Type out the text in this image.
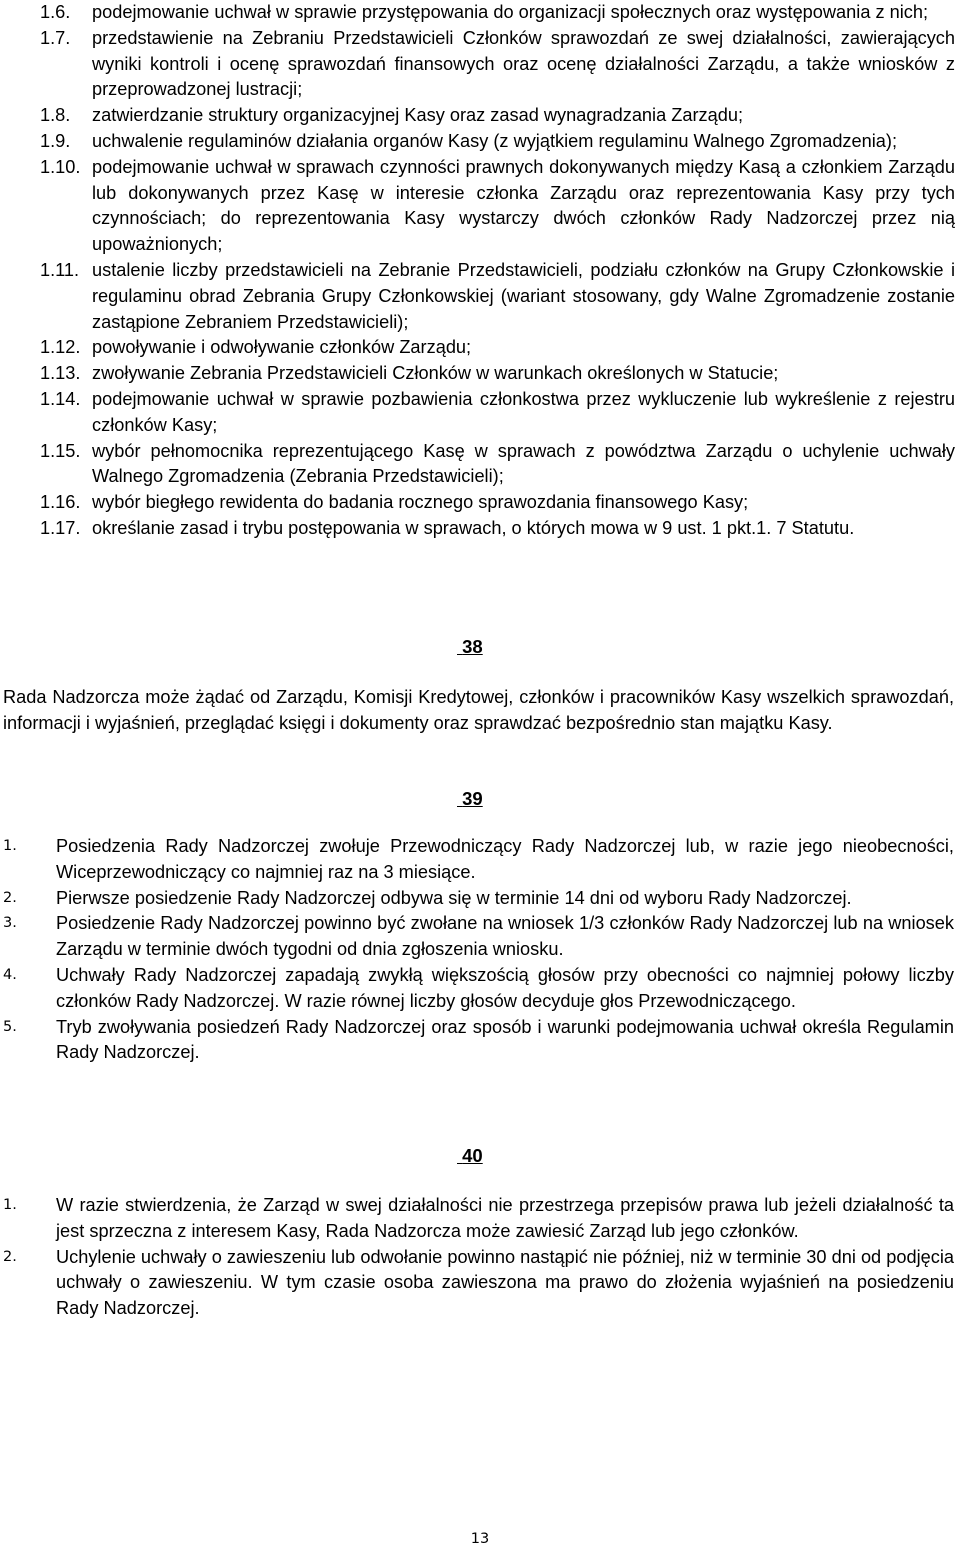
1.6.	podejmowanie uchwał w sprawie przystępowania do organizacji społecznych oraz występowania z nich;
1.7.	przedstawienie na Zebraniu Przedstawicieli Członków sprawozdań ze swej działalności, zawierających wyniki kontroli i ocenę sprawozdań finansowych oraz ocenę działalności Zarządu, a także wniosków z przeprowadzonej lustracji;
1.8.	zatwierdzanie struktury organizacyjnej Kasy oraz zasad wynagradzania Zarządu;
1.9.	uchwalenie regulaminów działania organów Kasy (z wyjątkiem regulaminu Walnego Zgromadzenia);
1.10. podejmowanie uchwał w sprawach czynności prawnych dokonywanych między Kasą a członkiem Zarządu lub dokonywanych przez Kasę w interesie członka Zarządu oraz reprezentowania Kasy przy tych czynnościach; do reprezentowania Kasy wystarczy dwóch członków Rady Nadzorczej przez nią upoważnionych;
1.11. ustalenie liczby przedstawicieli na Zebranie Przedstawicieli, podziału członków na Grupy Członkowskie i regulaminu obrad Zebrania Grupy Członkowskiej (wariant stosowany, gdy Walne Zgromadzenie zostanie zastąpione Zebraniem Przedstawicieli);
1.12. powoływanie i odwoływanie członków Zarządu;
1.13. zwoływanie Zebrania Przedstawicieli Członków w warunkach określonych w Statucie;
1.14. podejmowanie uchwał w sprawie pozbawienia członkostwa przez wykluczenie lub wykreślenie z rejestru członków Kasy;
1.15. wybór pełnomocnika reprezentującego Kasę w sprawach z powództwa Zarządu o uchylenie uchwały Walnego Zgromadzenia (Zebrania Przedstawicieli);
1.16. wybór biegłego rewidenta do badania rocznego sprawozdania finansowego Kasy;
1.17. określanie zasad i trybu postępowania w sprawach, o których mowa w 9 ust. 1 pkt.1. 7 Statutu.
38
Rada Nadzorcza może żądać od Zarządu, Komisji Kredytowej, członków i pracowników Kasy wszelkich sprawozdań, informacji i wyjaśnień, przeglądać księgi i dokumenty oraz sprawdzać bezpośrednio stan majątku Kasy.
39
1.	Posiedzenia Rady Nadzorczej zwołuje Przewodniczący Rady Nadzorczej lub, w razie jego nieobecności, Wiceprzewodniczący co najmniej raz na 3 miesiące.
2.	Pierwsze posiedzenie Rady Nadzorczej odbywa się w terminie 14 dni od wyboru Rady Nadzorczej.
3.	Posiedzenie Rady Nadzorczej powinno być zwołane na wniosek 1/3 członków Rady Nadzorczej lub na wniosek Zarządu w terminie dwóch tygodni od dnia zgłoszenia wniosku.
4.	Uchwały Rady Nadzorczej zapadają zwykłą większością głosów przy obecności co najmniej połowy liczby członków Rady Nadzorczej. W razie równej liczby głosów decyduje głos Przewodniczącego.
5.	Tryb zwoływania posiedzeń Rady Nadzorczej oraz sposób i warunki podejmowania uchwał określa Regulamin Rady Nadzorczej.
40
1.	W razie stwierdzenia, że Zarząd w swej działalności nie przestrzega przepisów prawa lub jeżeli działalność ta jest sprzeczna z interesem Kasy, Rada Nadzorcza może zawiesić Zarząd lub jego członków.
2.	Uchylenie uchwały o zawieszeniu lub odwołanie powinno nastąpić nie później, niż w terminie 30 dni od podjęcia uchwały o zawieszeniu. W tym czasie osoba zawieszona ma prawo do złożenia wyjaśnień na posiedzeniu Rady Nadzorczej.
13
